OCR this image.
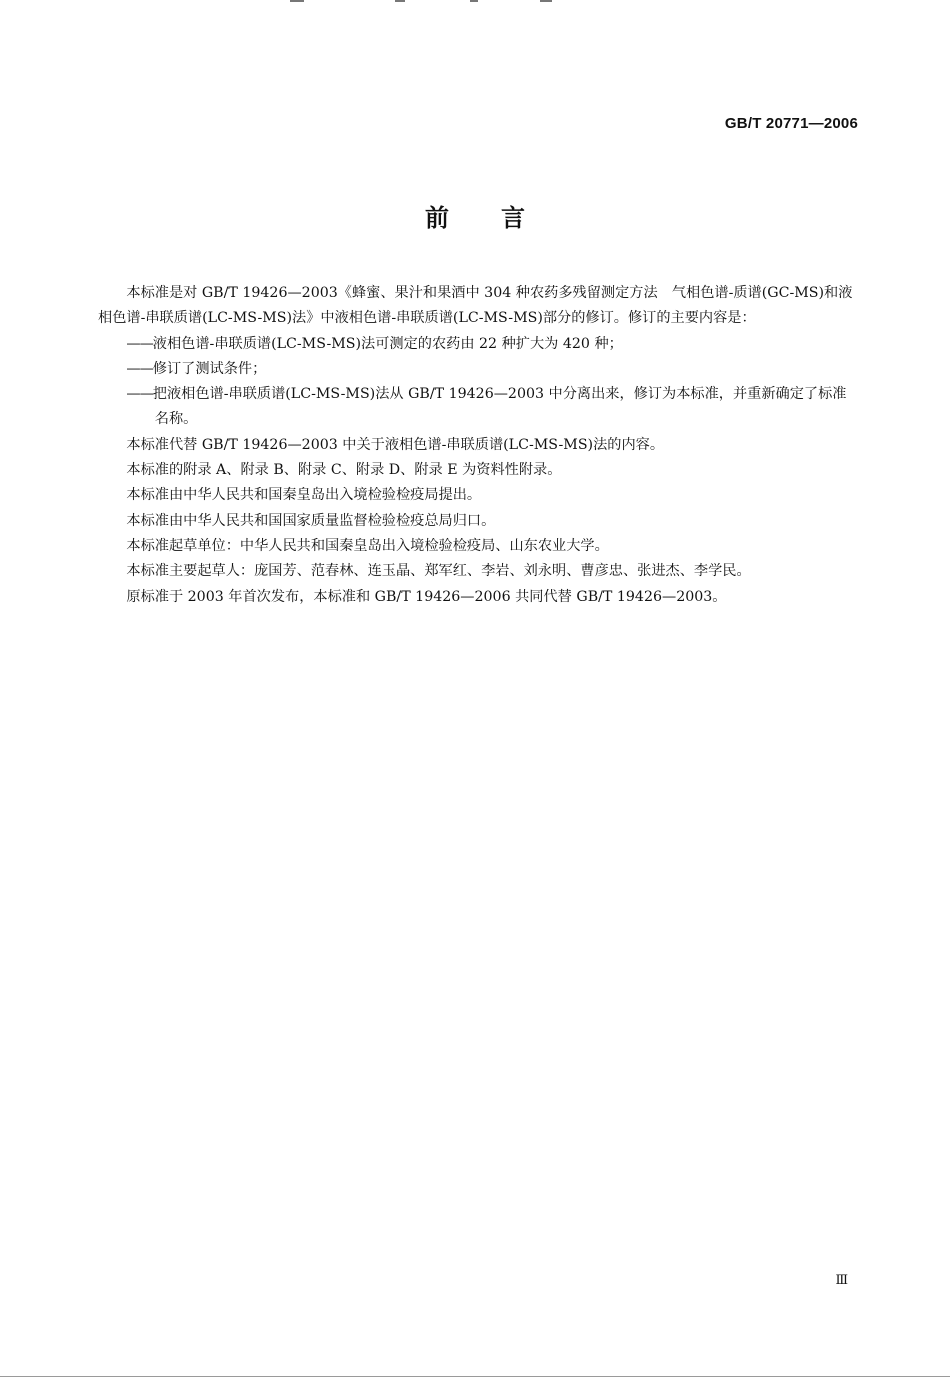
GB/T 20771—2006
前言

本标准是对 GB/T 19426—2003《蜂蜜、果汁和果酒中 304 种农药多残留测定方法　气相色谱-质谱(GC-MS)和液相色谱-串联质谱(LC-MS-MS)法》中液相色谱-串联质谱(LC-MS-MS)部分的修订。修订的主要内容是：

——液相色谱-串联质谱(LC-MS-MS)法可测定的农药由 22 种扩大为 420 种；

——修订了测试条件；

——把液相色谱-串联质谱(LC-MS-MS)法从 GB/T 19426—2003 中分离出来，修订为本标准，并重新确定了标准名称。

本标准代替 GB/T 19426—2003 中关于液相色谱-串联质谱(LC-MS-MS)法的内容。

本标准的附录 A、附录 B、附录 C、附录 D、附录 E 为资料性附录。

本标准由中华人民共和国秦皇岛出入境检验检疫局提出。

本标准由中华人民共和国国家质量监督检验检疫总局归口。

本标准起草单位：中华人民共和国秦皇岛出入境检验检疫局、山东农业大学。

本标准主要起草人：庞国芳、范春林、连玉晶、郑军红、李岩、刘永明、曹彦忠、张进杰、李学民。

原标准于 2003 年首次发布，本标准和 GB/T 19426—2006 共同代替 GB/T 19426—2003。

Ⅲ
